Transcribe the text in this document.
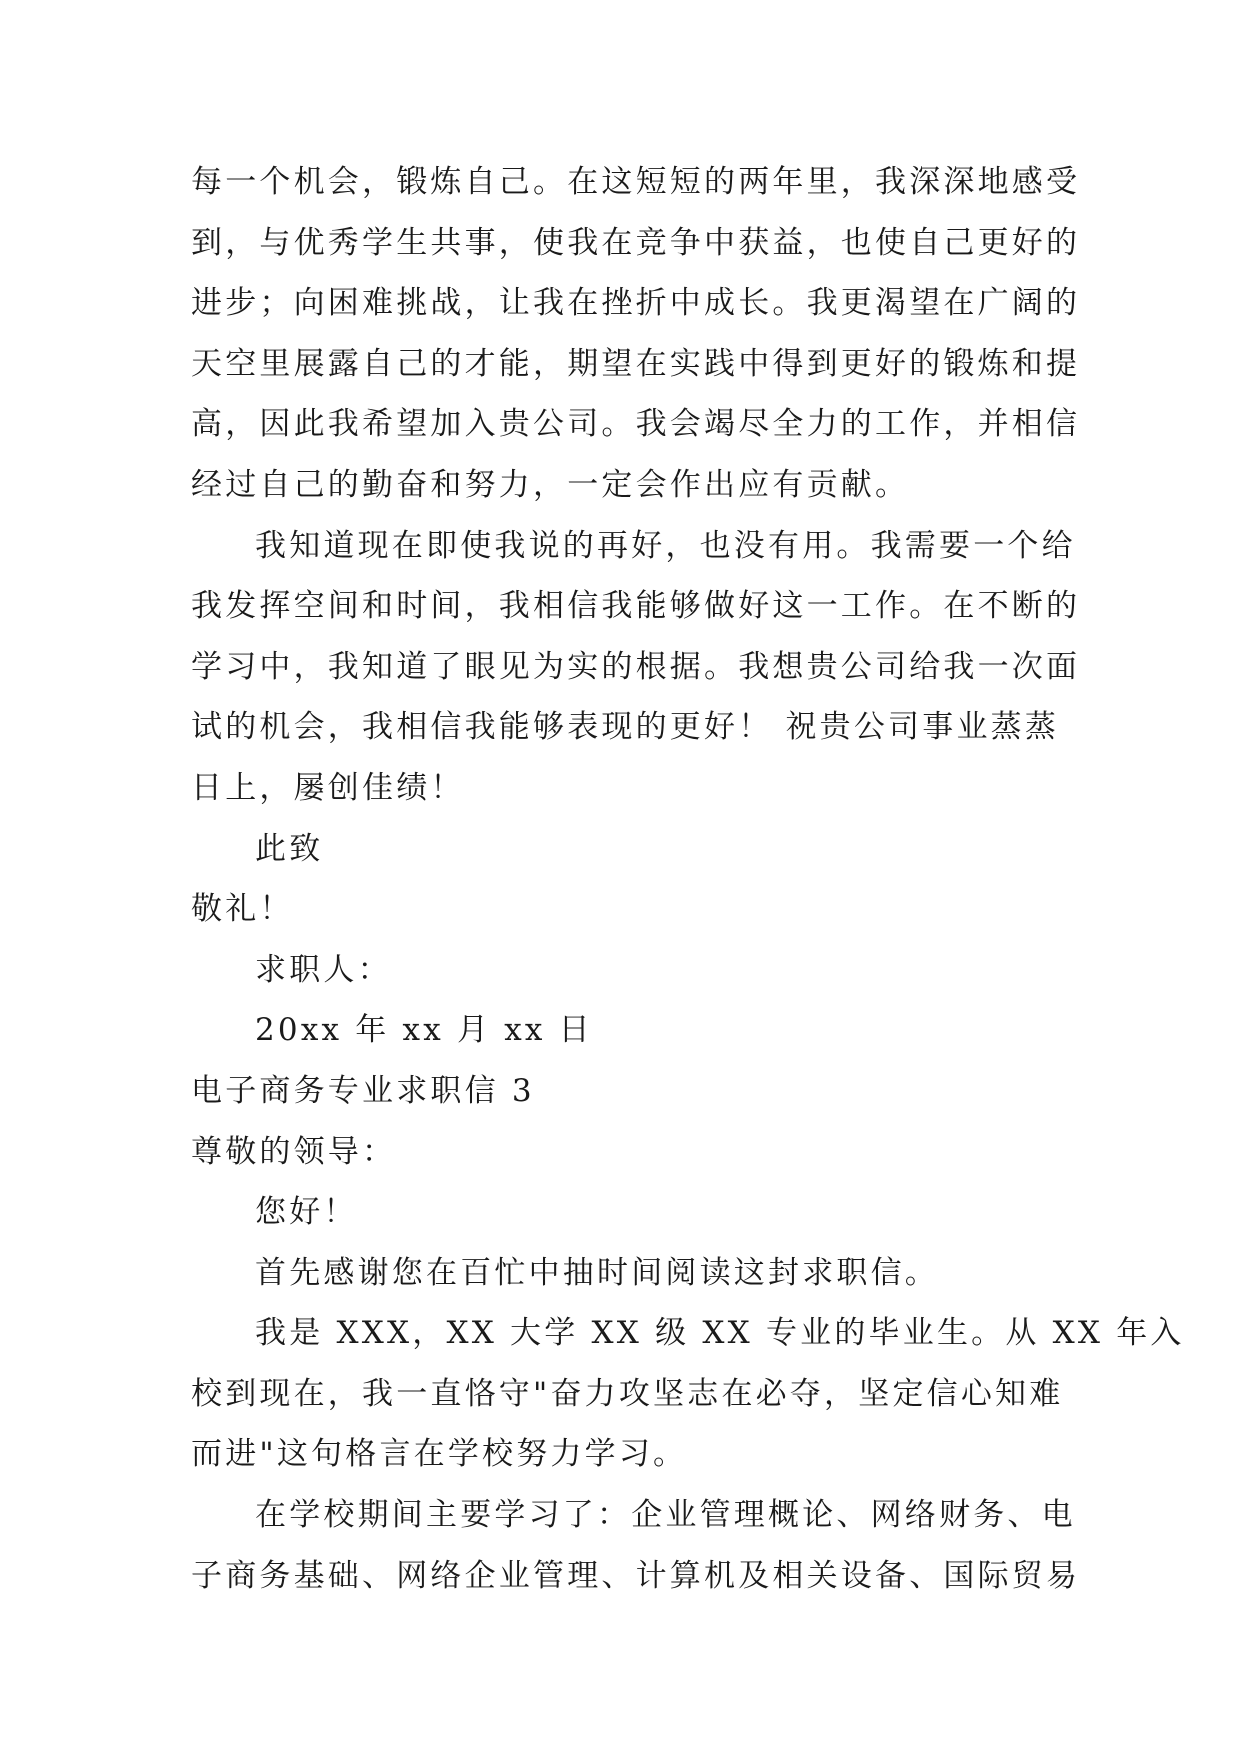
每一个机会，锻炼自己。在这短短的两年里，我深深地感受
到，与优秀学生共事，使我在竞争中获益，也使自己更好的
进步；向困难挑战，让我在挫折中成长。我更渴望在广阔的
天空里展露自己的才能，期望在实践中得到更好的锻炼和提
高，因此我希望加入贵公司。我会竭尽全力的工作，并相信
经过自己的勤奋和努力，一定会作出应有贡献。
我知道现在即使我说的再好，也没有用。我需要一个给
我发挥空间和时间，我相信我能够做好这一工作。在不断的
学习中，我知道了眼见为实的根据。我想贵公司给我一次面
试的机会，我相信我能够表现的更好！ 祝贵公司事业蒸蒸
日上，屡创佳绩！
此致
敬礼！
求职人：
20xx 年 xx 月 xx 日
电子商务专业求职信 3
尊敬的领导：
您好！
首先感谢您在百忙中抽时间阅读这封求职信。
我是 XXX，XX 大学 XX 级 XX 专业的毕业生。从 XX 年入
校到现在，我一直恪守"奋力攻坚志在必夺，坚定信心知难
而进"这句格言在学校努力学习。
在学校期间主要学习了：企业管理概论、网络财务、电
子商务基础、网络企业管理、计算机及相关设备、国际贸易
